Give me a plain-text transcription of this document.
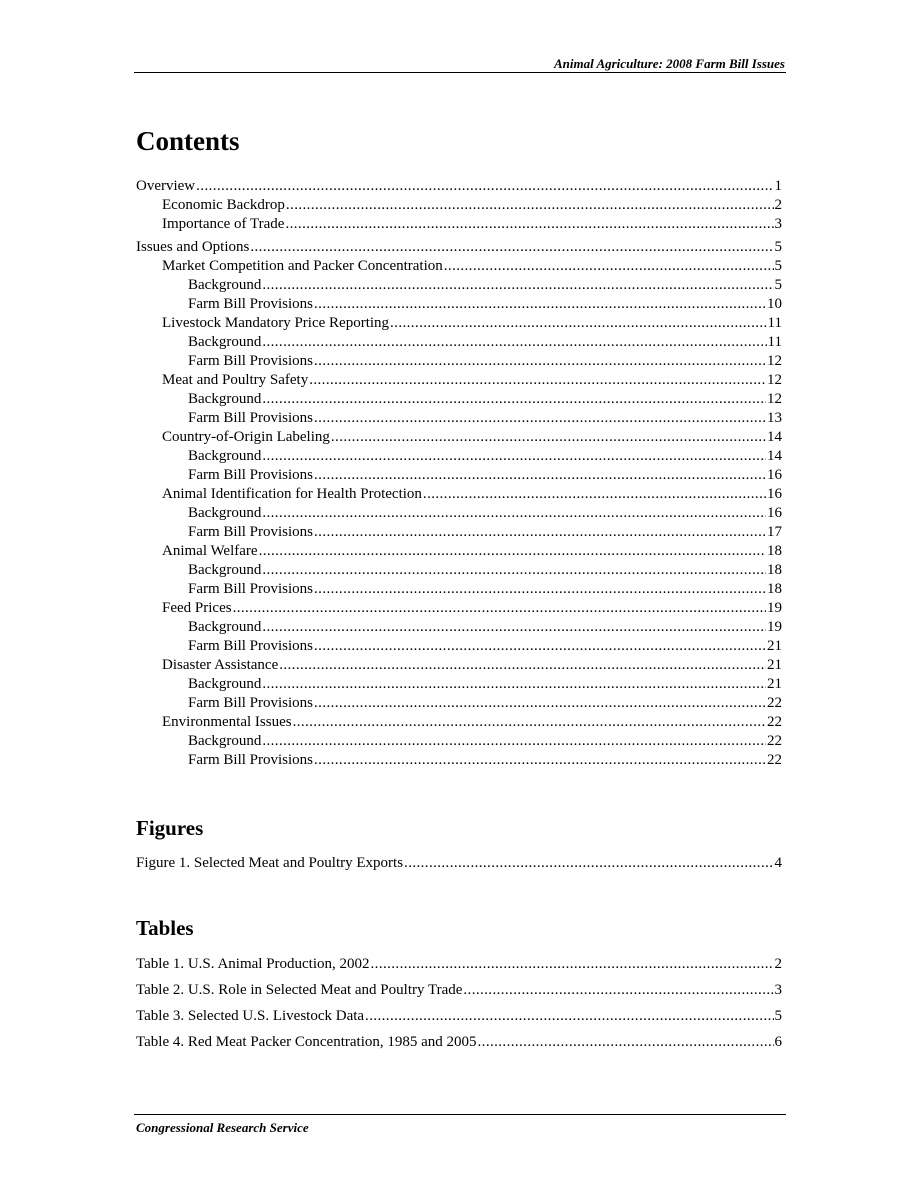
Animal Agriculture: 2008 Farm Bill Issues
Contents
Overview .....	1
Economic Backdrop .....	2
Importance of Trade .....	3
Issues and Options .....	5
Market Competition and Packer Concentration .....	5
Background .....	5
Farm Bill Provisions .....	10
Livestock Mandatory Price Reporting .....	11
Background .....	11
Farm Bill Provisions .....	12
Meat and Poultry Safety .....	12
Background .....	12
Farm Bill Provisions .....	13
Country-of-Origin Labeling .....	14
Background .....	14
Farm Bill Provisions .....	16
Animal Identification for Health Protection .....	16
Background .....	16
Farm Bill Provisions .....	17
Animal Welfare .....	18
Background .....	18
Farm Bill Provisions .....	18
Feed Prices .....	19
Background .....	19
Farm Bill Provisions .....	21
Disaster Assistance .....	21
Background .....	21
Farm Bill Provisions .....	22
Environmental Issues .....	22
Background .....	22
Farm Bill Provisions .....	22
Figures
Figure 1. Selected Meat and Poultry Exports .....	4
Tables
Table 1. U.S. Animal Production, 2002 .....	2
Table 2. U.S. Role in Selected Meat and Poultry Trade .....	3
Table 3. Selected U.S. Livestock Data .....	5
Table 4. Red Meat Packer Concentration, 1985 and 2005 .....	6
Congressional Research Service
